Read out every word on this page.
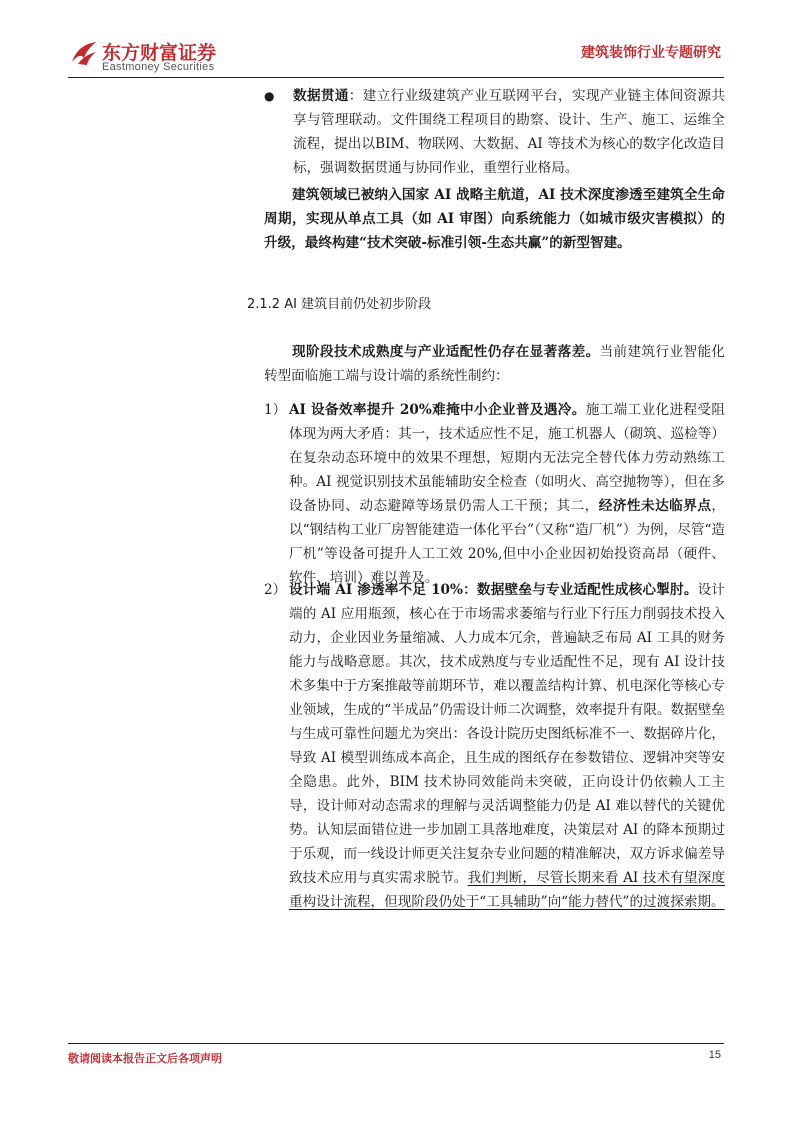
东方财富证券
Eastmoney Securities
建筑装饰行业专题研究
● 数据贯通：建立行业级建筑产业互联网平台，实现产业链主体间资源共享与管理联动。文件围绕工程项目的勘察、设计、生产、施工、运维全流程，提出以BIM、物联网、大数据、AI 等技术为核心的数字化改造目标，强调数据贯通与协同作业，重塑行业格局。
建筑领域已被纳入国家 AI 战略主航道，AI 技术深度渗透至建筑全生命周期，实现从单点工具（如 AI 审图）向系统能力（如城市级灾害模拟）的升级，最终构建“技术突破-标准引领-生态共赢”的新型智建。
2.1.2 AI 建筑目前仍处初步阶段
现阶段技术成熟度与产业适配性仍存在显著落差。当前建筑行业智能化转型面临施工端与设计端的系统性制约：
1） AI 设备效率提升 20%难掩中小企业普及遇冷。施工端工业化进程受阻体现为两大矛盾：其一，技术适应性不足，施工机器人（砌筑、巡检等）在复杂动态环境中的效果不理想，短期内无法完全替代体力劳动熟练工种。AI 视觉识别技术虽能辅助安全检查（如明火、高空抛物等），但在多设备协同、动态避障等场景仍需人工干预；其二，经济性未达临界点，以“钢结构工业厂房智能建造一体化平台”（又称“造厂机”）为例，尽管“造厂机”等设备可提升人工工效 20%,但中小企业因初始投资高昂（硬件、软件、培训）难以普及。
2） 设计端 AI 渗透率不足 10%：数据壁垒与专业适配性成核心掣肘。设计端的 AI 应用瓶颈，核心在于市场需求萎缩与行业下行压力削弱技术投入动力，企业因业务量缩减、人力成本冗余，普遍缺乏布局 AI 工具的财务能力与战略意愿。其次，技术成熟度与专业适配性不足，现有 AI 设计技术多集中于方案推敲等前期环节，难以覆盖结构计算、机电深化等核心专业领域，生成的“半成品”仍需设计师二次调整，效率提升有限。数据壁垒与生成可靠性问题尤为突出：各设计院历史图纸标准不一、数据碎片化，导致 AI 模型训练成本高企，且生成的图纸存在参数错位、逻辑冲突等安全隐患。此外，BIM 技术协同效能尚未突破，正向设计仍依赖人工主导，设计师对动态需求的理解与灵活调整能力仍是 AI 难以替代的关键优势。认知层面错位进一步加剧工具落地难度，决策层对 AI 的降本预期过于乐观，而一线设计师更关注复杂专业问题的精准解决，双方诉求偏差导致技术应用与真实需求脱节。我们判断，尽管长期来看 AI 技术有望深度重构设计流程，但现阶段仍处于“工具辅助”向“能力替代”的过渡探索期。
敬请阅读本报告正文后各项声明	15
